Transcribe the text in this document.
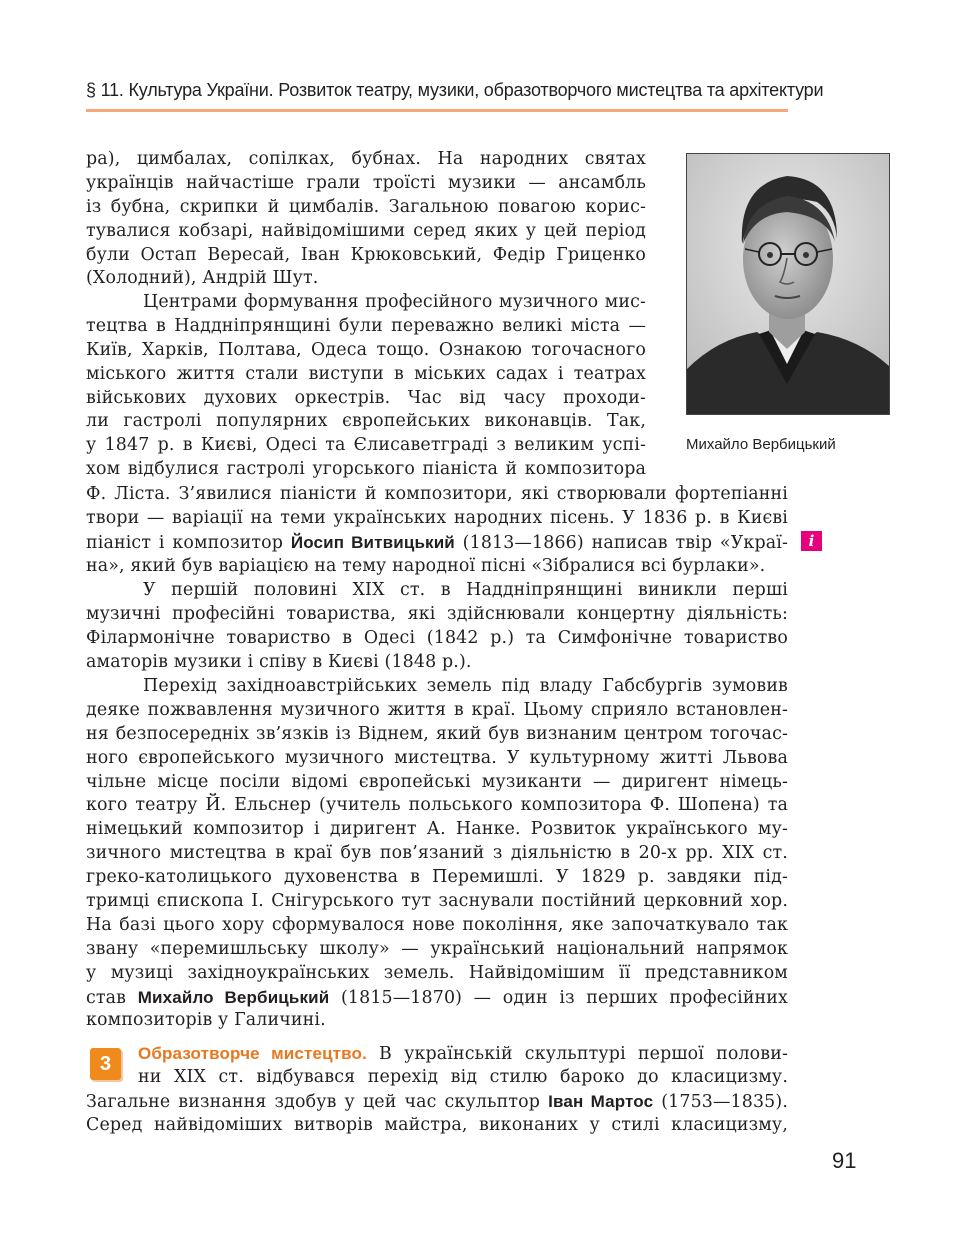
§ 11. Культура України. Розвиток театру, музики, образотворчого мистецтва та архітектури
ра), цимбалах, сопілках, бубнах. На народних святах
українців найчастіше грали троїсті музики — ансамбль
із бубна, скрипки й цимбалів. Загальною повагою корис-
тувалися кобзарі, найвідомішими серед яких у цей період
були Остап Вересай, Іван Крюковський, Федір Гриценко
(Холодний), Андрій Шут.
Центрами формування професійного музичного мис-
тецтва в Наддніпрянщині були переважно великі міста —
Київ, Харків, Полтава, Одеса тощо. Ознакою тогочасного
міського життя стали виступи в міських садах і театрах
військових духових оркестрів. Час від часу проходи-
ли гастролі популярних європейських виконавців. Так,
у 1847 р. в Києві, Одесі та Єлисаветграді з великим успі-
хом відбулися гастролі угорського піаніста й композитора
Ф. Ліста. З’явилися піаністи й композитори, які створювали фортепіанні
твори — варіації на теми українських народних пісень. У 1836 р. в Києві
піаніст і композитор Йосип Витвицький (1813—1866) написав твір «Украї-
на», який був варіацією на тему народної пісні «Зібралися всі бурлаки».
У першій половині ХІХ ст. в Наддніпрянщині виникли перші
музичні професійні товариства, які здійснювали концертну діяльність:
Філармонічне товариство в Одесі (1842 р.) та Симфонічне товариство
аматорів музики і співу в Києві (1848 р.).
Перехід західноавстрійських земель під владу Габсбургів зумовив
деяке пожвавлення музичного життя в краї. Цьому сприяло встановлен-
ня безпосередніх зв’язків із Віднем, який був визнаним центром тогочас-
ного європейського музичного мистецтва. У культурному житті Львова
чільне місце посіли відомі європейські музиканти — диригент німець-
кого театру Й. Ельснер (учитель польського композитора Ф. Шопена) та
німецький композитор і диригент А. Нанке. Розвиток українського му-
зичного мистецтва в краї був пов’язаний з діяльністю в 20-х рр. ХІХ ст.
греко-католицького духовенства в Перемишлі. У 1829 р. завдяки під-
тримці єпископа І. Снігурського тут заснували постійний церковний хор.
На базі цього хору сформувалося нове покоління, яке започаткувало так
звану «перемишльську школу» — український національний напрямок
у музиці західноукраїнських земель. Найвідомішим її представником
став Михайло Вербицький (1815—1870) — один із перших професійних
композиторів у Галичині.
3	Образотворче мистецтво. В українській скульптурі першої полови-
ни ХІХ ст. відбувався перехід від стилю бароко до класицизму.
Загальне визнання здобув у цей час скульптор Іван Мартос (1753—1835).
Серед найвідоміших витворів майстра, виконаних у стилі класицизму,
Михайло Вербицький
i
91
